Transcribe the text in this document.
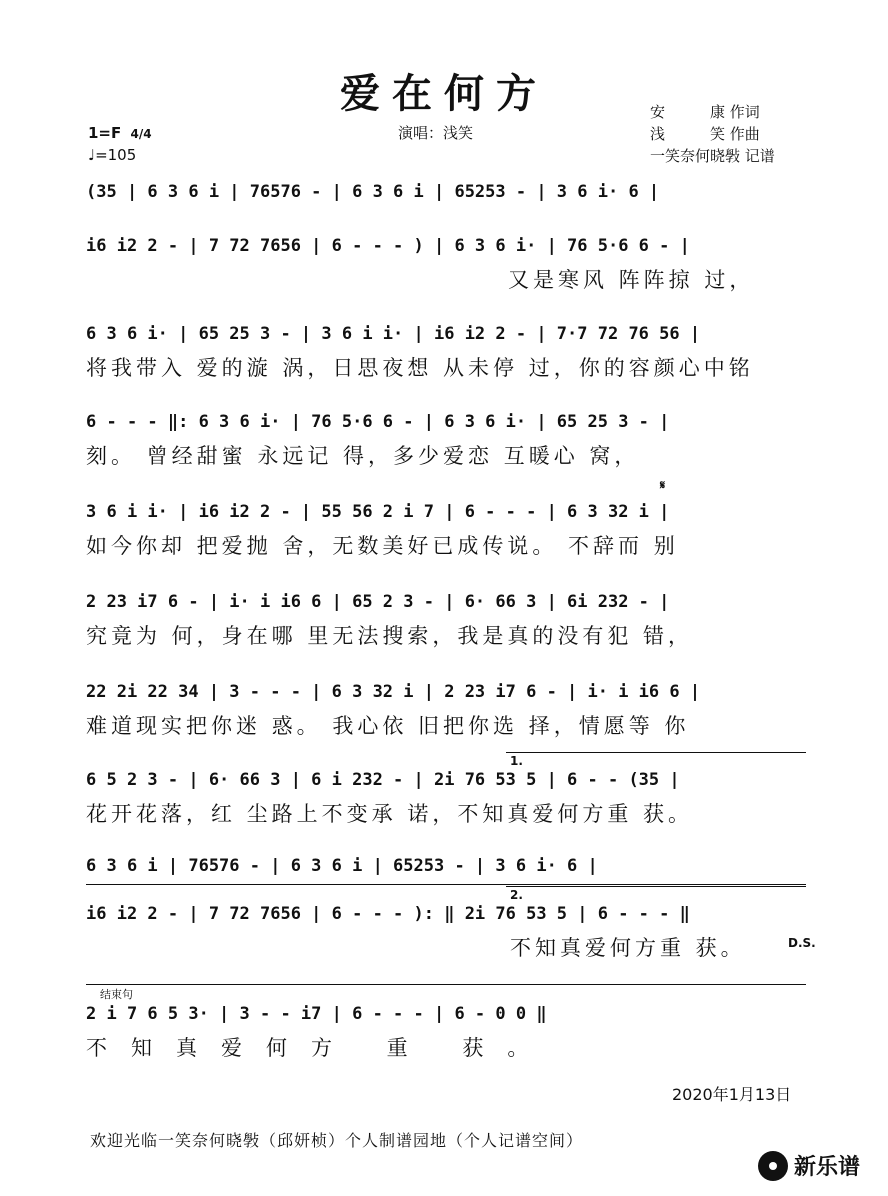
爱在何方
1=F 4/4
♩=105
演唱：浅笑
安　　　康 作词
浅　　　笑 作曲
一笑奈何晓斅 记谱
(35 | 6 3 6 i | 76576 - | 6 3 6 i | 65253 - | 3 6 i· 6 |
i6 i2 2 - | 7 72 7656 | 6 - - - ) | 6 3 6 i· | 76 5·6 6 - |
又是寒风 阵阵掠 过，
6 3 6 i· | 65 25 3 - | 3 6 i i· | i6 i2 2 - | 7·7 72 76 56 |
将我带入 爱的漩 涡，日思夜想 从未停 过，你的容颜心中铭
6 - - - ‖: 6 3 6 i· | 76 5·6 6 - | 6 3 6 i· | 65 25 3 - |
刻。 曾经甜蜜 永远记 得，多少爱恋 互暖心 窝，
𝄋
3 6 i i· | i6 i2 2 - | 55 56 2 i 7 | 6 - - - | 6 3 32 i |
如今你却 把爱抛 舍，无数美好已成传说。 不辞而 别
2 23 i7 6 - | i· i i6 6 | 65 2 3 - | 6· 66 3 | 6i 232 - |
究竟为 何，身在哪 里无法搜索，我是真的没有犯 错，
22 2i 22 34 | 3 - - - | 6 3 32 i | 2 23 i7 6 - | i· i i6 6 |
难道现实把你迷 惑。 我心依 旧把你选 择，情愿等 你
1.
6 5 2 3 - | 6· 66 3 | 6 i 232 - | 2i 76 53 5 | 6 - - (35 |
花开花落，红 尘路上不变承 诺，不知真爱何方重 获。
6 3 6 i | 76576 - | 6 3 6 i | 65253 - | 3 6 i· 6 |
2.
i6 i2 2 - | 7 72 7656 | 6 - - - ): ‖ 2i 76 53 5 | 6 - - - ‖
不知真爱何方重 获。	D.S.
结束句
2 i 7 6 5 3· | 3 - - i7 | 6 - - - | 6 - 0 0 ‖
不知真爱何方 重 获。
2020年1月13日
欢迎光临一笑奈何晓斅（邱妍桢）个人制谱园地（个人记谱空间）
新乐谱
